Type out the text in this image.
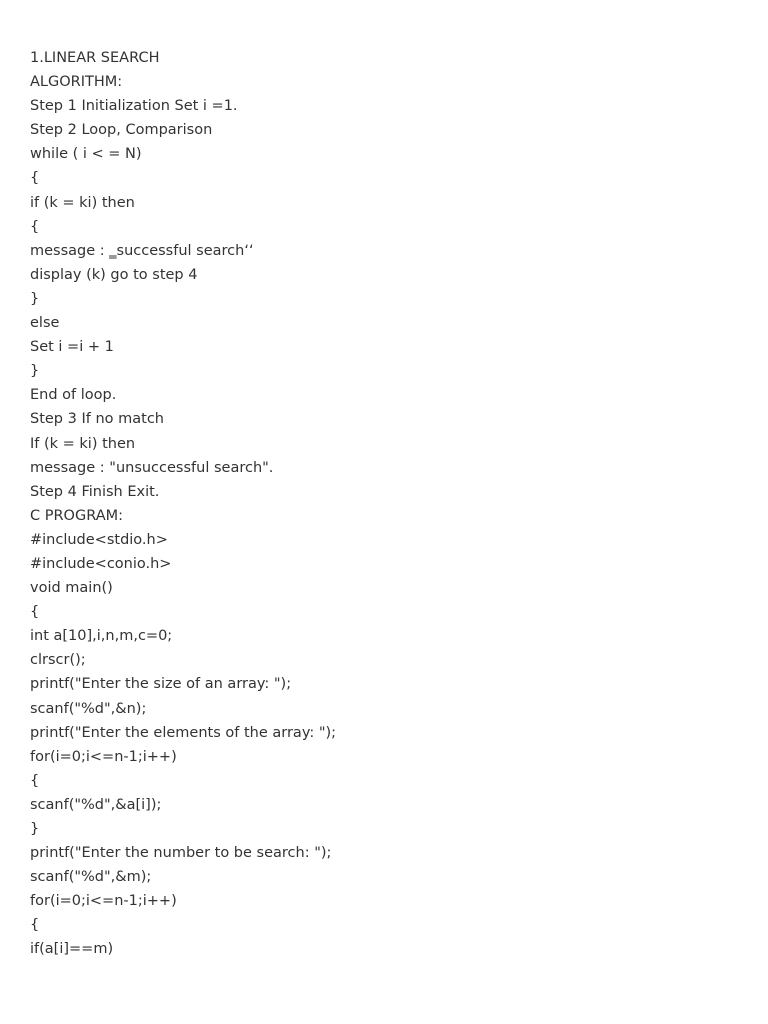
1.LINEAR SEARCH
ALGORITHM:
Step 1 Initialization Set i =1.
Step 2 Loop, Comparison
while ( i < = N)
{
if (k = ki) then
{
message : ‗successful search‘‘
display (k) go to step 4
}
else
Set i =i + 1
}
End of loop.
Step 3 If no match
If (k = ki) then
message : "unsuccessful search".
Step 4 Finish Exit.
C PROGRAM:
#include<stdio.h>
#include<conio.h>
void main()
{
int a[10],i,n,m,c=0;
clrscr();
printf("Enter the size of an array: ");
scanf("%d",&n);
printf("Enter the elements of the array: ");
for(i=0;i<=n-1;i++)
{
scanf("%d",&a[i]);
}
printf("Enter the number to be search: ");
scanf("%d",&m);
for(i=0;i<=n-1;i++)
{
if(a[i]==m)
